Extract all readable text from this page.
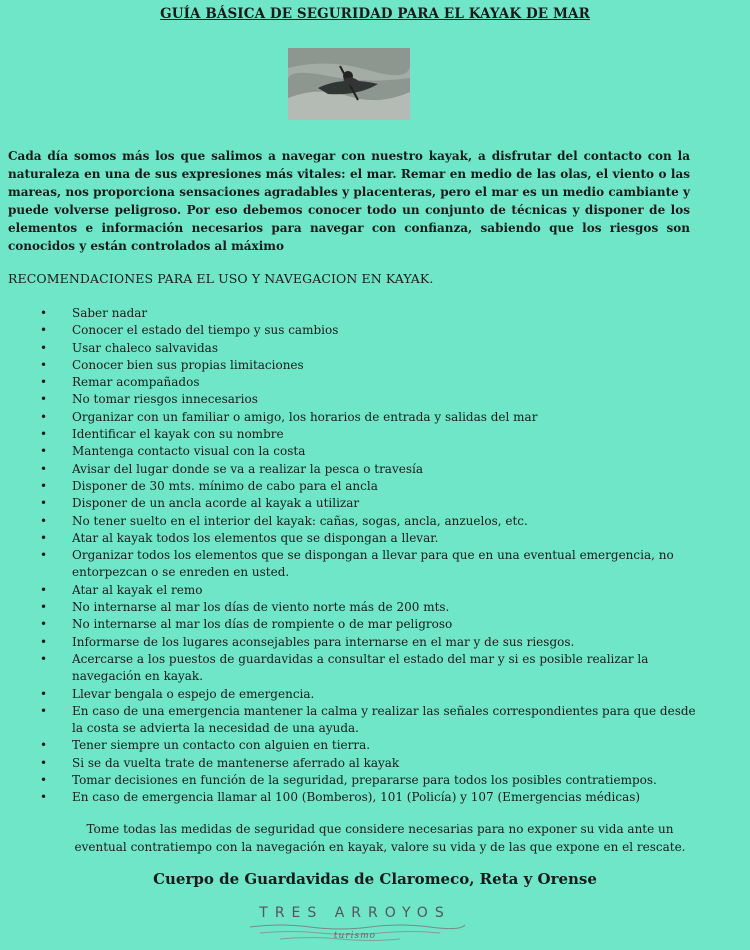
GUÍA BÁSICA DE SEGURIDAD PARA EL KAYAK DE MAR
Cada día somos más los que salimos a navegar con nuestro kayak, a disfrutar del contacto con la naturaleza en una de sus expresiones más vitales: el mar. Remar en medio de las olas, el viento o las mareas, nos proporciona sensaciones agradables y placenteras, pero el mar es un medio cambiante y puede volverse peligroso. Por eso debemos conocer todo un conjunto de técnicas y disponer de los elementos e información necesarios para navegar con confianza, sabiendo que los riesgos son conocidos y están controlados al máximo
RECOMENDACIONES PARA EL USO Y NAVEGACION EN KAYAK.
• Saber nadar
• Conocer el estado del tiempo y sus cambios
• Usar chaleco salvavidas
• Conocer bien sus propias limitaciones
• Remar acompañados
• No tomar riesgos innecesarios
• Organizar con un familiar o amigo, los horarios de entrada y salidas del mar
• Identificar el kayak con su nombre
• Mantenga contacto visual con la costa
• Avisar del lugar donde se va a realizar la pesca o travesía
• Disponer de 30 mts. mínimo de cabo para el ancla
• Disponer de un ancla acorde al kayak a utilizar
• No tener suelto en el interior del kayak: cañas, sogas, ancla, anzuelos, etc.
• Atar al kayak todos los elementos que se dispongan a llevar.
• Organizar todos los elementos que se dispongan a llevar para que en una eventual emergencia, no entorpezcan o se enreden en usted.
• Atar al kayak el remo
• No internarse al mar los días de viento norte más de 200 mts.
• No internarse al mar los días de rompiente o de mar peligroso
• Informarse de los lugares aconsejables para internarse en el mar y de sus riesgos.
• Acercarse a los puestos de guardavidas a consultar el estado del mar y si es posible realizar la navegación en kayak.
• Llevar bengala o espejo de emergencia.
• En caso de una emergencia mantener la calma y realizar las señales correspondientes para que desde la costa se advierta la necesidad de una ayuda.
• Tener siempre un contacto con alguien en tierra.
• Si se da vuelta trate de mantenerse aferrado al kayak
• Tomar decisiones en función de la seguridad, prepararse para todos los posibles contratiempos.
• En caso de emergencia llamar al 100 (Bomberos), 101 (Policía) y 107 (Emergencias médicas)
Tome todas las medidas de seguridad que considere necesarias para no exponer su vida ante un eventual contratiempo con la navegación en kayak, valore su vida y de las que expone en el rescate.
Cuerpo de Guardavidas de Claromeco, Reta y Orense
TRES ARROYOS
turismo
